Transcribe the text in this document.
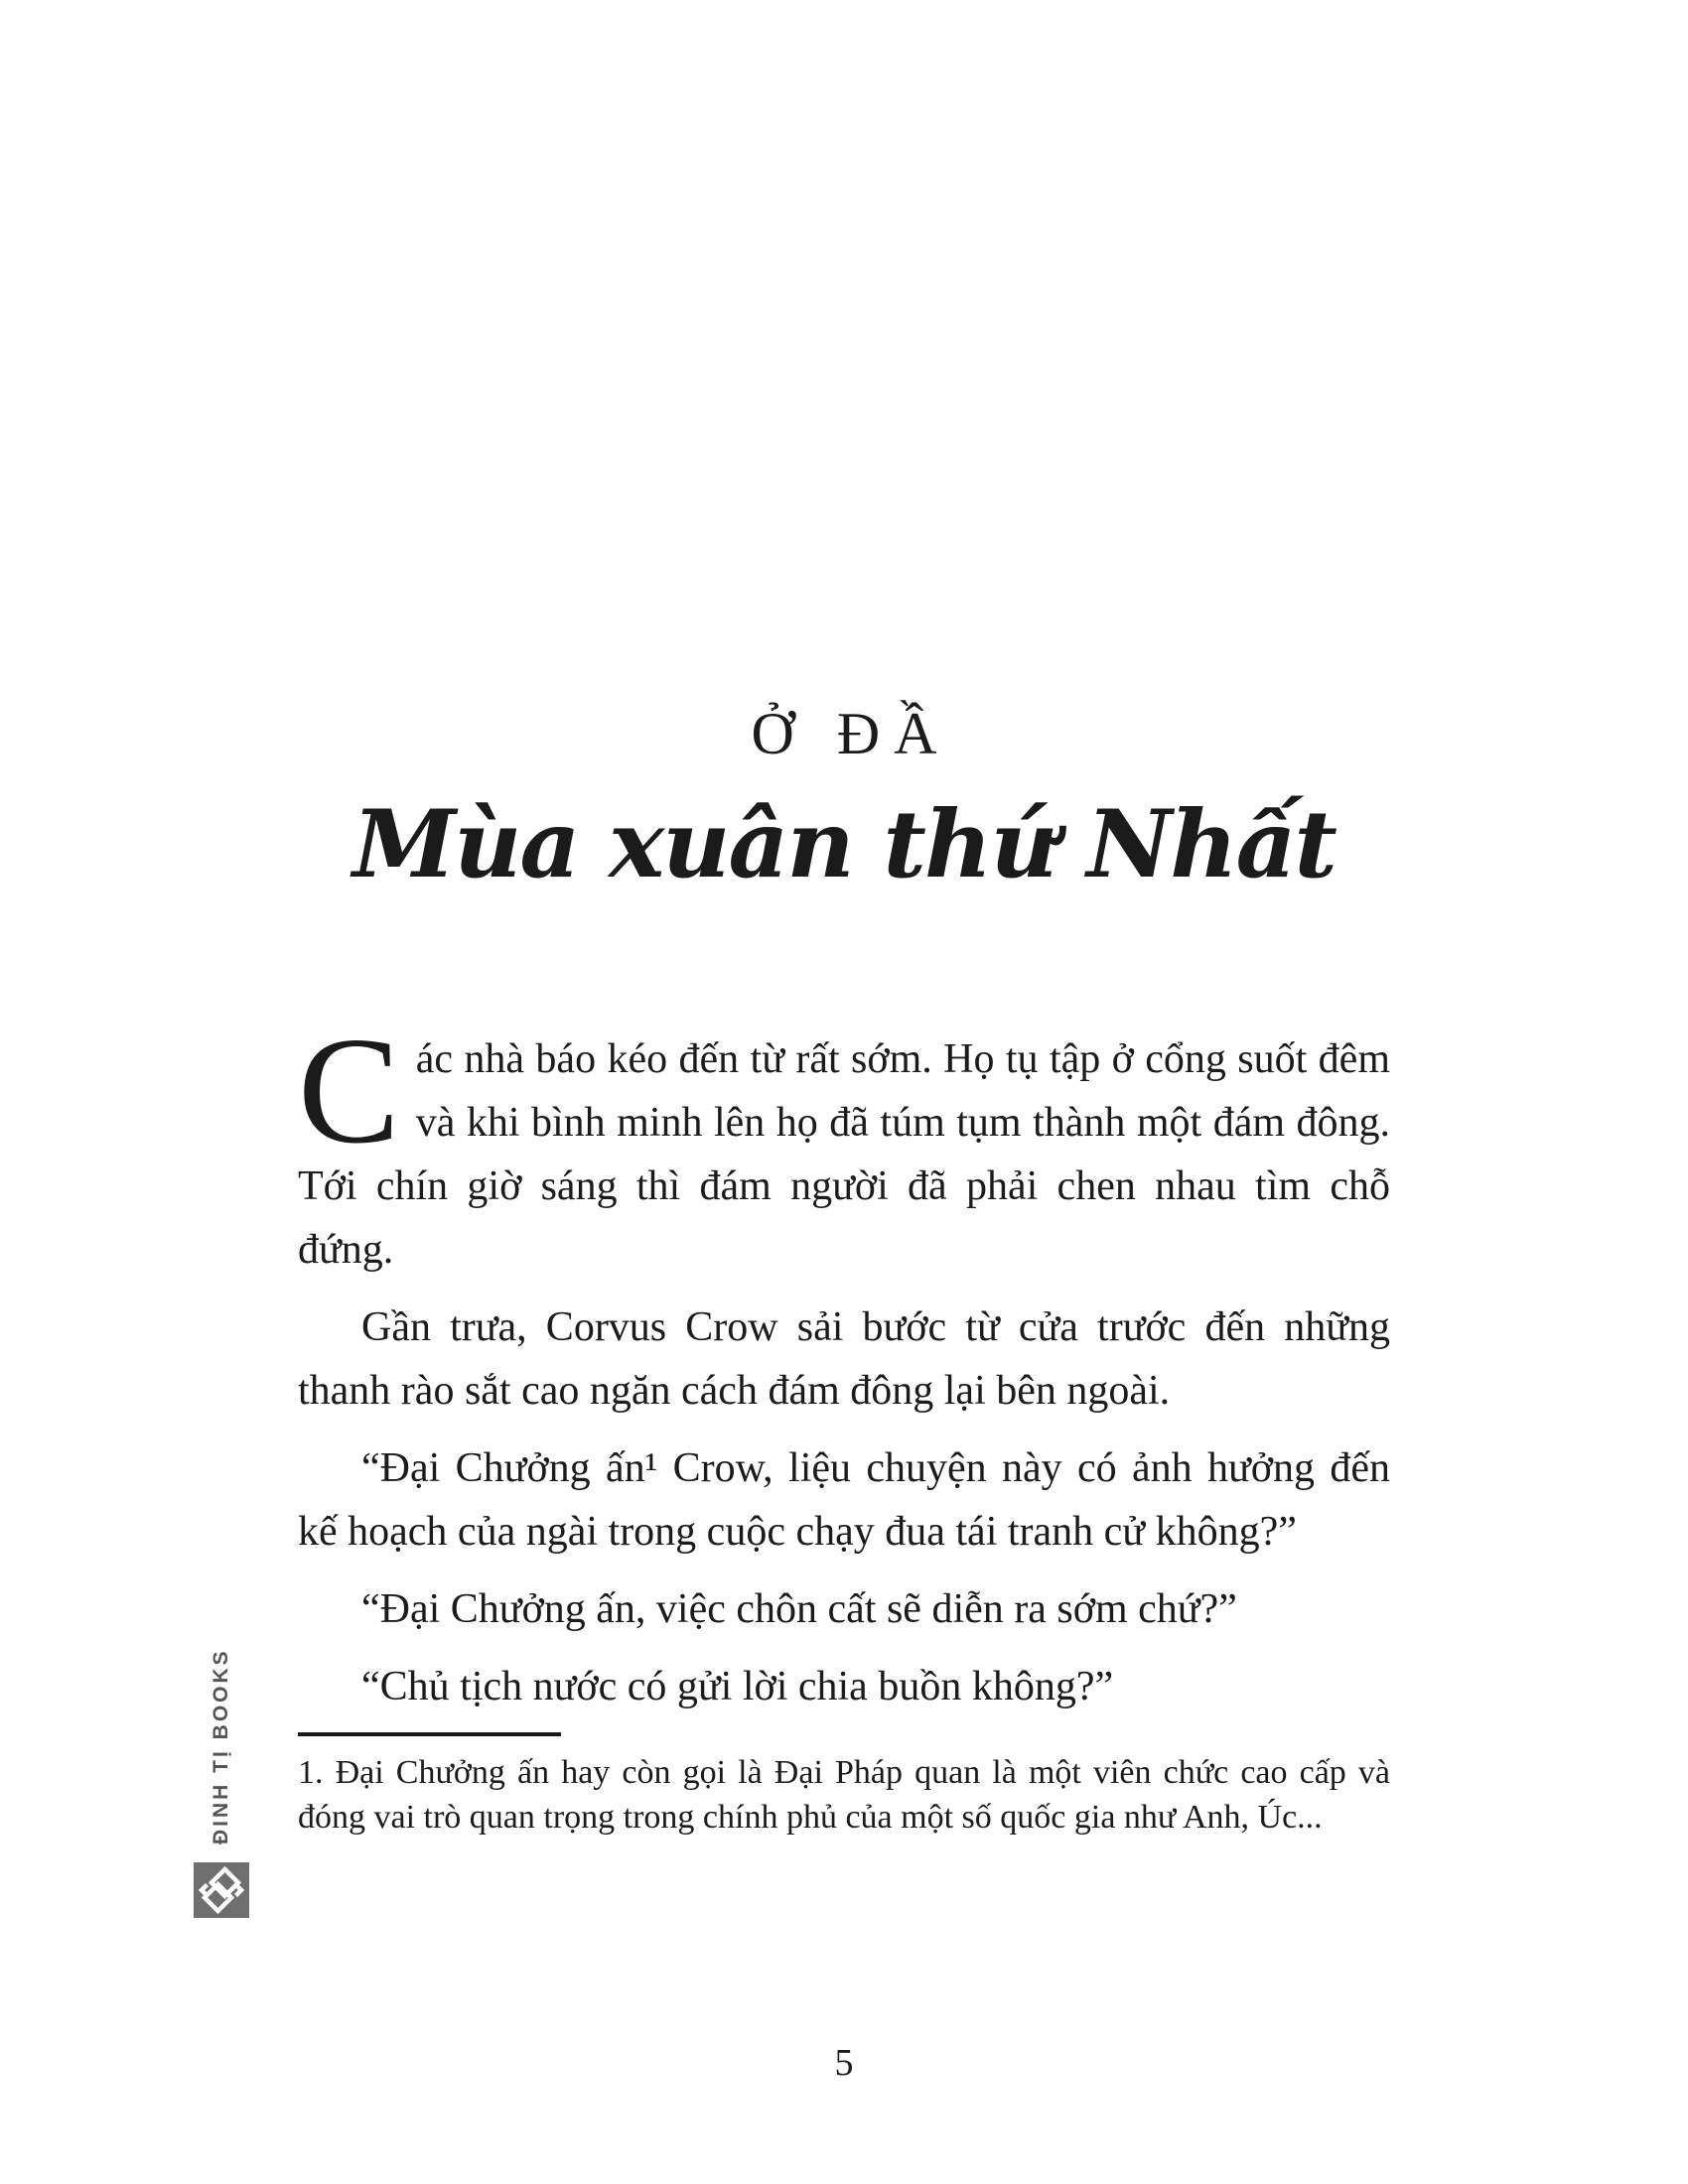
ĐINH TỊ BOOKS
Ở ĐẦ
Mùa xuân thứ Nhất

Các nhà báo kéo đến từ rất sớm. Họ tụ tập ở cổng suốt đêm và khi bình minh lên họ đã túm tụm thành một đám đông. Tới chín giờ sáng thì đám người đã phải chen nhau tìm chỗ đứng.

Gần trưa, Corvus Crow sải bước từ cửa trước đến những thanh rào sắt cao ngăn cách đám đông lại bên ngoài.

“Đại Chưởng ấn¹ Crow, liệu chuyện này có ảnh hưởng đến kế hoạch của ngài trong cuộc chạy đua tái tranh cử không?”

“Đại Chưởng ấn, việc chôn cất sẽ diễn ra sớm chứ?”

“Chủ tịch nước có gửi lời chia buồn không?”

1. Đại Chưởng ấn hay còn gọi là Đại Pháp quan là một viên chức cao cấp và đóng vai trò quan trọng trong chính phủ của một số quốc gia như Anh, Úc...

5
